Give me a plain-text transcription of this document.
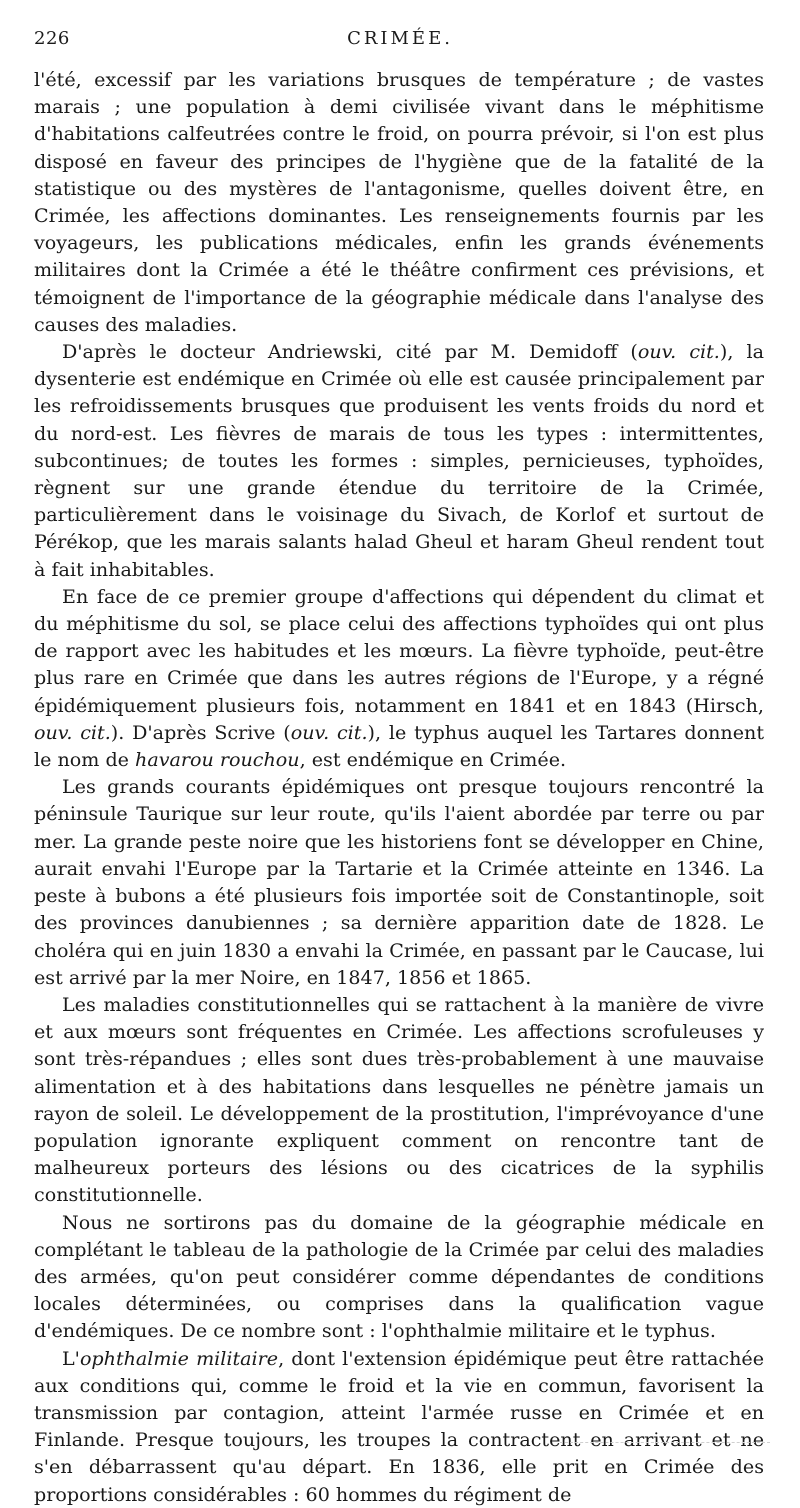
226	CRIMÉE.

l'été, excessif par les variations brusques de température ; de vastes marais ; une population à demi civilisée vivant dans le méphitisme d'habitations calfeutrées contre le froid, on pourra prévoir, si l'on est plus disposé en faveur des principes de l'hygiène que de la fatalité de la statistique ou des mystères de l'antagonisme, quelles doivent être, en Crimée, les affections dominantes. Les renseignements fournis par les voyageurs, les publications médicales, enfin les grands événements militaires dont la Crimée a été le théâtre confirment ces prévisions, et témoignent de l'importance de la géographie médicale dans l'analyse des causes des maladies.

D'après le docteur Andriewski, cité par M. Demidoff (ouv. cit.), la dysenterie est endémique en Crimée où elle est causée principalement par les refroidissements brusques que produisent les vents froids du nord et du nord-est. Les fièvres de marais de tous les types : intermittentes, subcontinues; de toutes les formes : simples, pernicieuses, typhoïdes, règnent sur une grande étendue du territoire de la Crimée, particulièrement dans le voisinage du Sivach, de Korlof et surtout de Pérékop, que les marais salants halad Gheul et haram Gheul rendent tout à fait inhabitables.

En face de ce premier groupe d'affections qui dépendent du climat et du méphitisme du sol, se place celui des affections typhoïdes qui ont plus de rapport avec les habitudes et les mœurs. La fièvre typhoïde, peut-être plus rare en Crimée que dans les autres régions de l'Europe, y a régné épidémiquement plusieurs fois, notamment en 1841 et en 1843 (Hirsch, ouv. cit.). D'après Scrive (ouv. cit.), le typhus auquel les Tartares donnent le nom de havarou rouchou, est endémique en Crimée.

Les grands courants épidémiques ont presque toujours rencontré la péninsule Taurique sur leur route, qu'ils l'aient abordée par terre ou par mer. La grande peste noire que les historiens font se développer en Chine, aurait envahi l'Europe par la Tartarie et la Crimée atteinte en 1346. La peste à bubons a été plusieurs fois importée soit de Constantinople, soit des provinces danubiennes ; sa dernière apparition date de 1828. Le choléra qui en juin 1830 a envahi la Crimée, en passant par le Caucase, lui est arrivé par la mer Noire, en 1847, 1856 et 1865.

Les maladies constitutionnelles qui se rattachent à la manière de vivre et aux mœurs sont fréquentes en Crimée. Les affections scrofuleuses y sont très-répandues ; elles sont dues très-probablement à une mauvaise alimentation et à des habitations dans lesquelles ne pénètre jamais un rayon de soleil. Le développement de la prostitution, l'imprévoyance d'une population ignorante expliquent comment on rencontre tant de malheureux porteurs des lésions ou des cicatrices de la syphilis constitutionnelle.

Nous ne sortirons pas du domaine de la géographie médicale en complétant le tableau de la pathologie de la Crimée par celui des maladies des armées, qu'on peut considérer comme dépendantes de conditions locales déterminées, ou comprises dans la qualification vague d'endémiques. De ce nombre sont : l'ophthalmie militaire et le typhus.

L'ophthalmie militaire, dont l'extension épidémique peut être rattachée aux conditions qui, comme le froid et la vie en commun, favorisent la transmission par contagion, atteint l'armée russe en Crimée et en Finlande. Presque toujours, les troupes la contractent en arrivant et ne s'en débarrassent qu'au départ. En 1836, elle prit en Crimée des proportions considérables : 60 hommes du régiment de
